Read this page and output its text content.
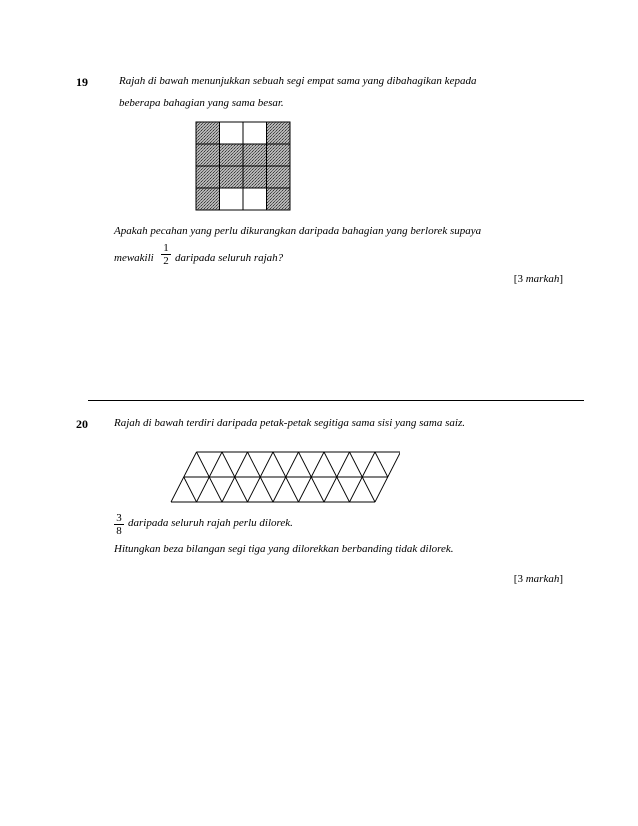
19	Rajah di bawah menunjukkan sebuah segi empat sama yang dibahagikan kepada
beberapa bahagian yang sama besar.
Apakah pecahan yang perlu dikurangkan daripada bahagian yang berlorek supaya
mewakili
1
2 daripada seluruh rajah?
[3 markah]
20 Rajah di bawah terdiri daripada petak-petak segitiga sama sisi yang sama saiz.
3
8
daripada seluruh rajah perlu dilorek.
Hitungkan beza bilangan segi tiga yang dilorekkan berbanding tidak dilorek.
[3 markah]
